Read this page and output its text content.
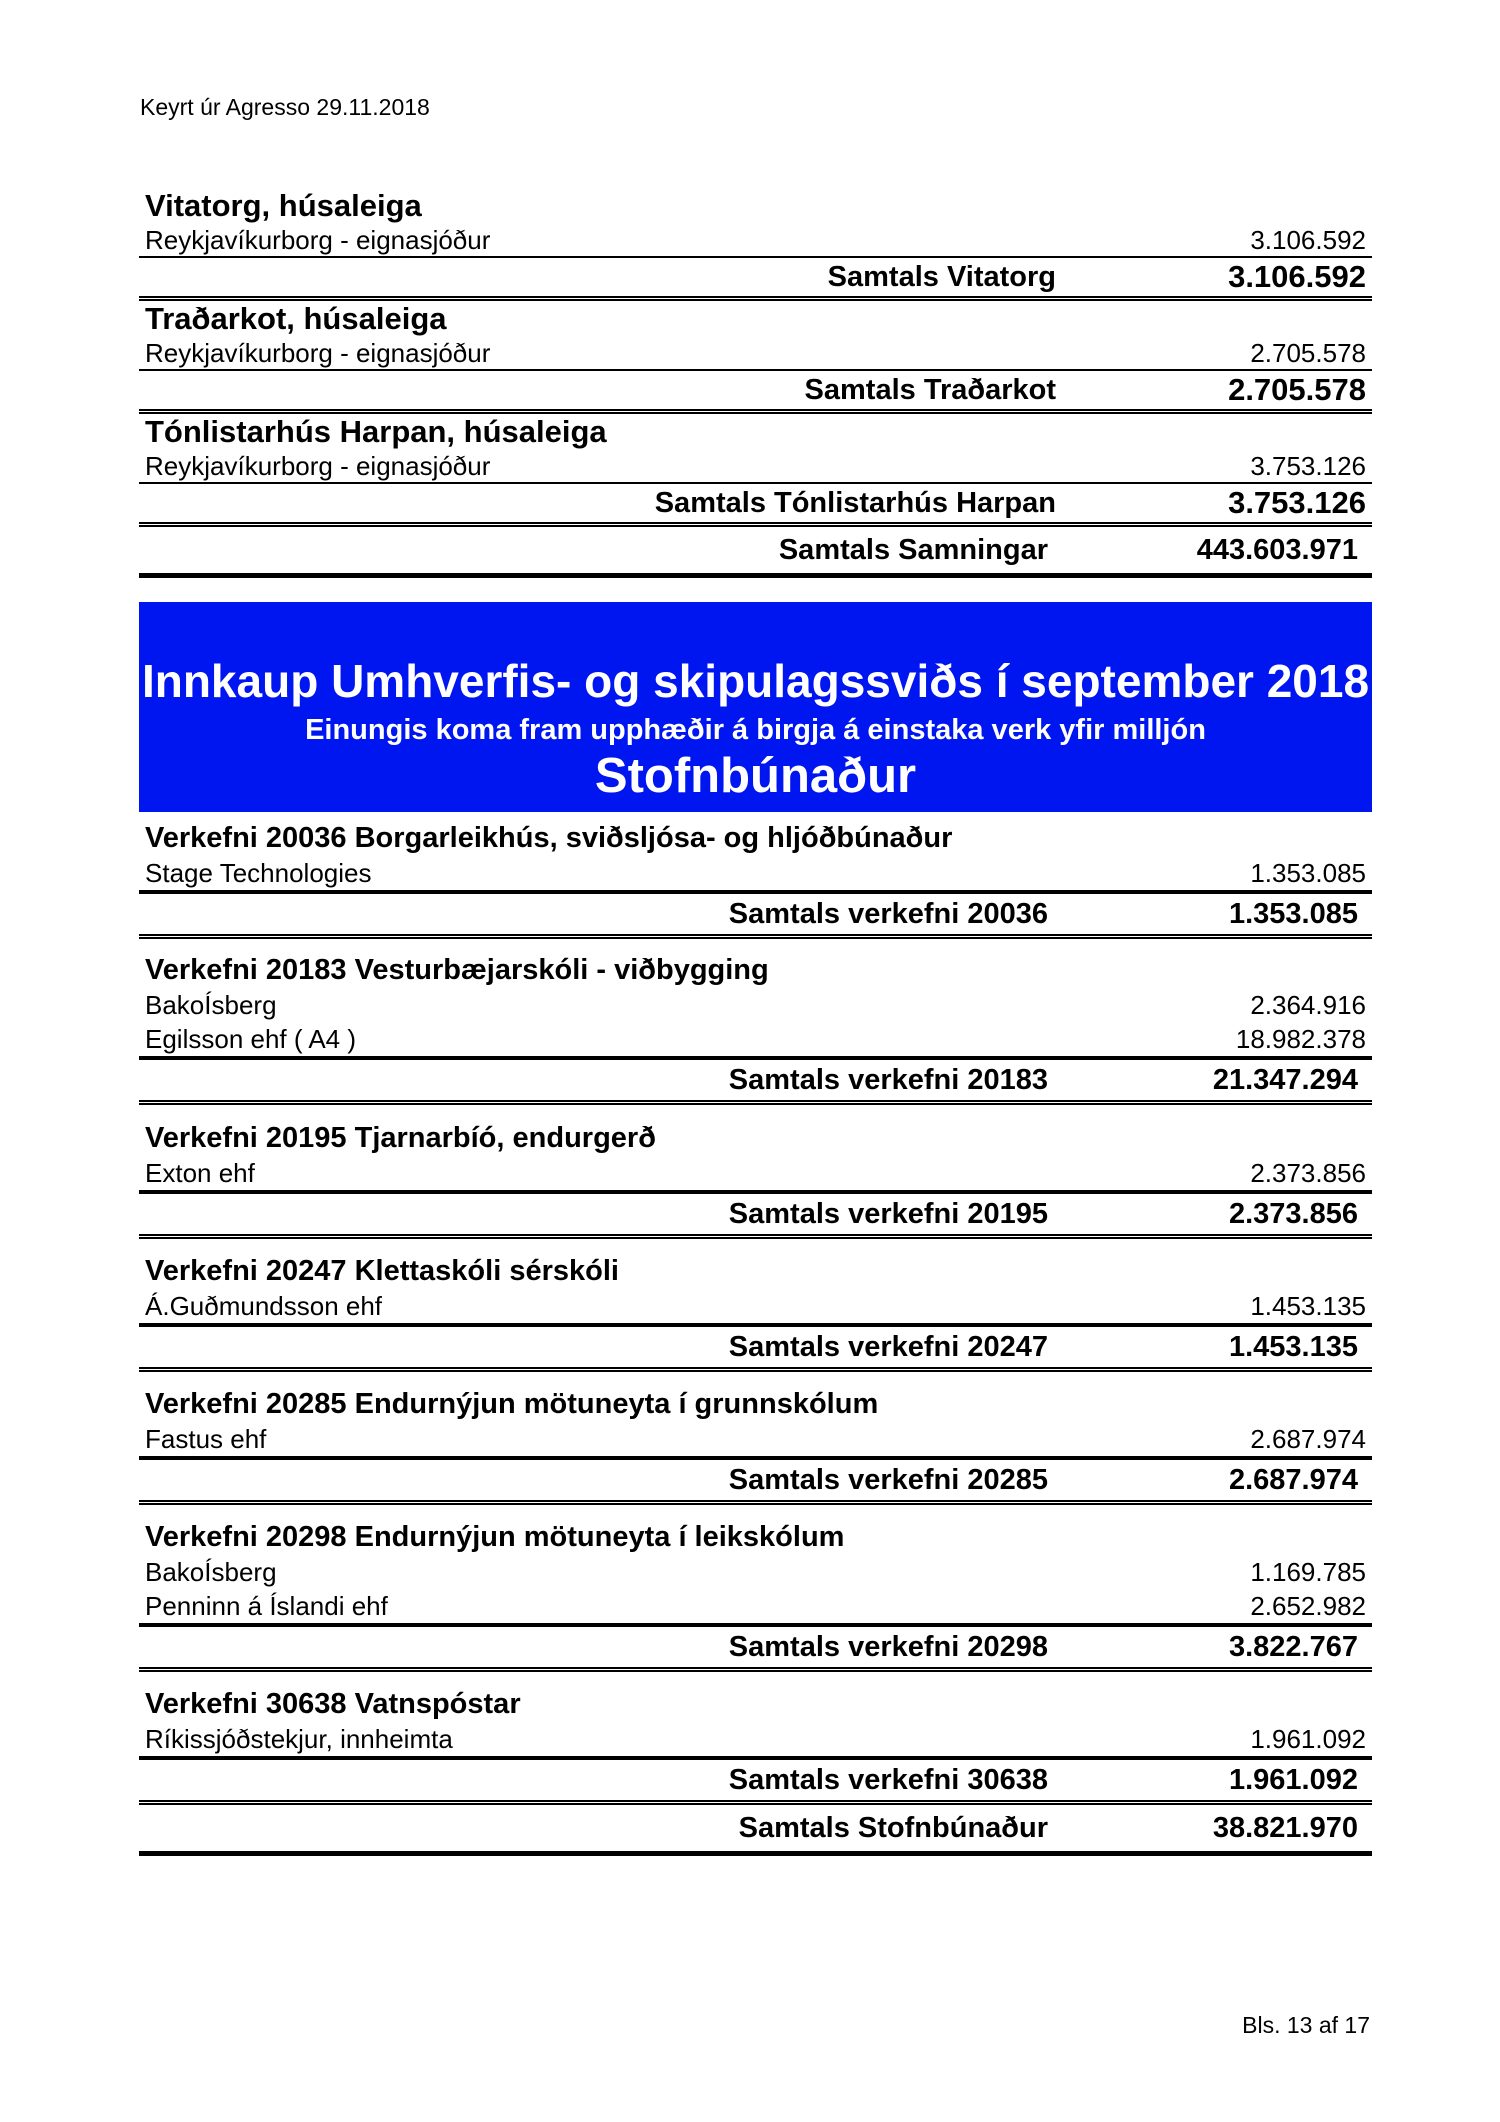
Keyrt úr Agresso 29.11.2018
Vitatorg, húsaleiga
Reykjavíkurborg - eignasjóður	3.106.592
Samtals Vitatorg	3.106.592
Traðarkot, húsaleiga
Reykjavíkurborg - eignasjóður	2.705.578
Samtals Traðarkot	2.705.578
Tónlistarhús Harpan, húsaleiga
Reykjavíkurborg - eignasjóður	3.753.126
Samtals Tónlistarhús Harpan	3.753.126
Samtals Samningar	443.603.971
Innkaup Umhverfis- og skipulagssviðs í september 2018
Einungis koma fram upphæðir á birgja á einstaka verk yfir milljón
Stofnbúnaður
Verkefni 20036 Borgarleikhús, sviðsljósa- og hljóðbúnaður
Stage Technologies	1.353.085
Samtals verkefni 20036	1.353.085
Verkefni 20183 Vesturbæjarskóli - viðbygging
BakoÍsberg	2.364.916
Egilsson ehf ( A4 )	18.982.378
Samtals verkefni 20183	21.347.294
Verkefni 20195 Tjarnarbíó, endurgerð
Exton ehf	2.373.856
Samtals verkefni 20195	2.373.856
Verkefni 20247 Klettaskóli sérskóli
Á.Guðmundsson ehf	1.453.135
Samtals verkefni 20247	1.453.135
Verkefni 20285 Endurnýjun mötuneyta í grunnskólum
Fastus ehf	2.687.974
Samtals verkefni 20285	2.687.974
Verkefni 20298 Endurnýjun mötuneyta í leikskólum
BakoÍsberg	1.169.785
Penninn á Íslandi ehf	2.652.982
Samtals verkefni 20298	3.822.767
Verkefni 30638 Vatnspóstar
Ríkissjóðstekjur, innheimta	1.961.092
Samtals verkefni 30638	1.961.092
Samtals Stofnbúnaður	38.821.970
Bls. 13 af 17
